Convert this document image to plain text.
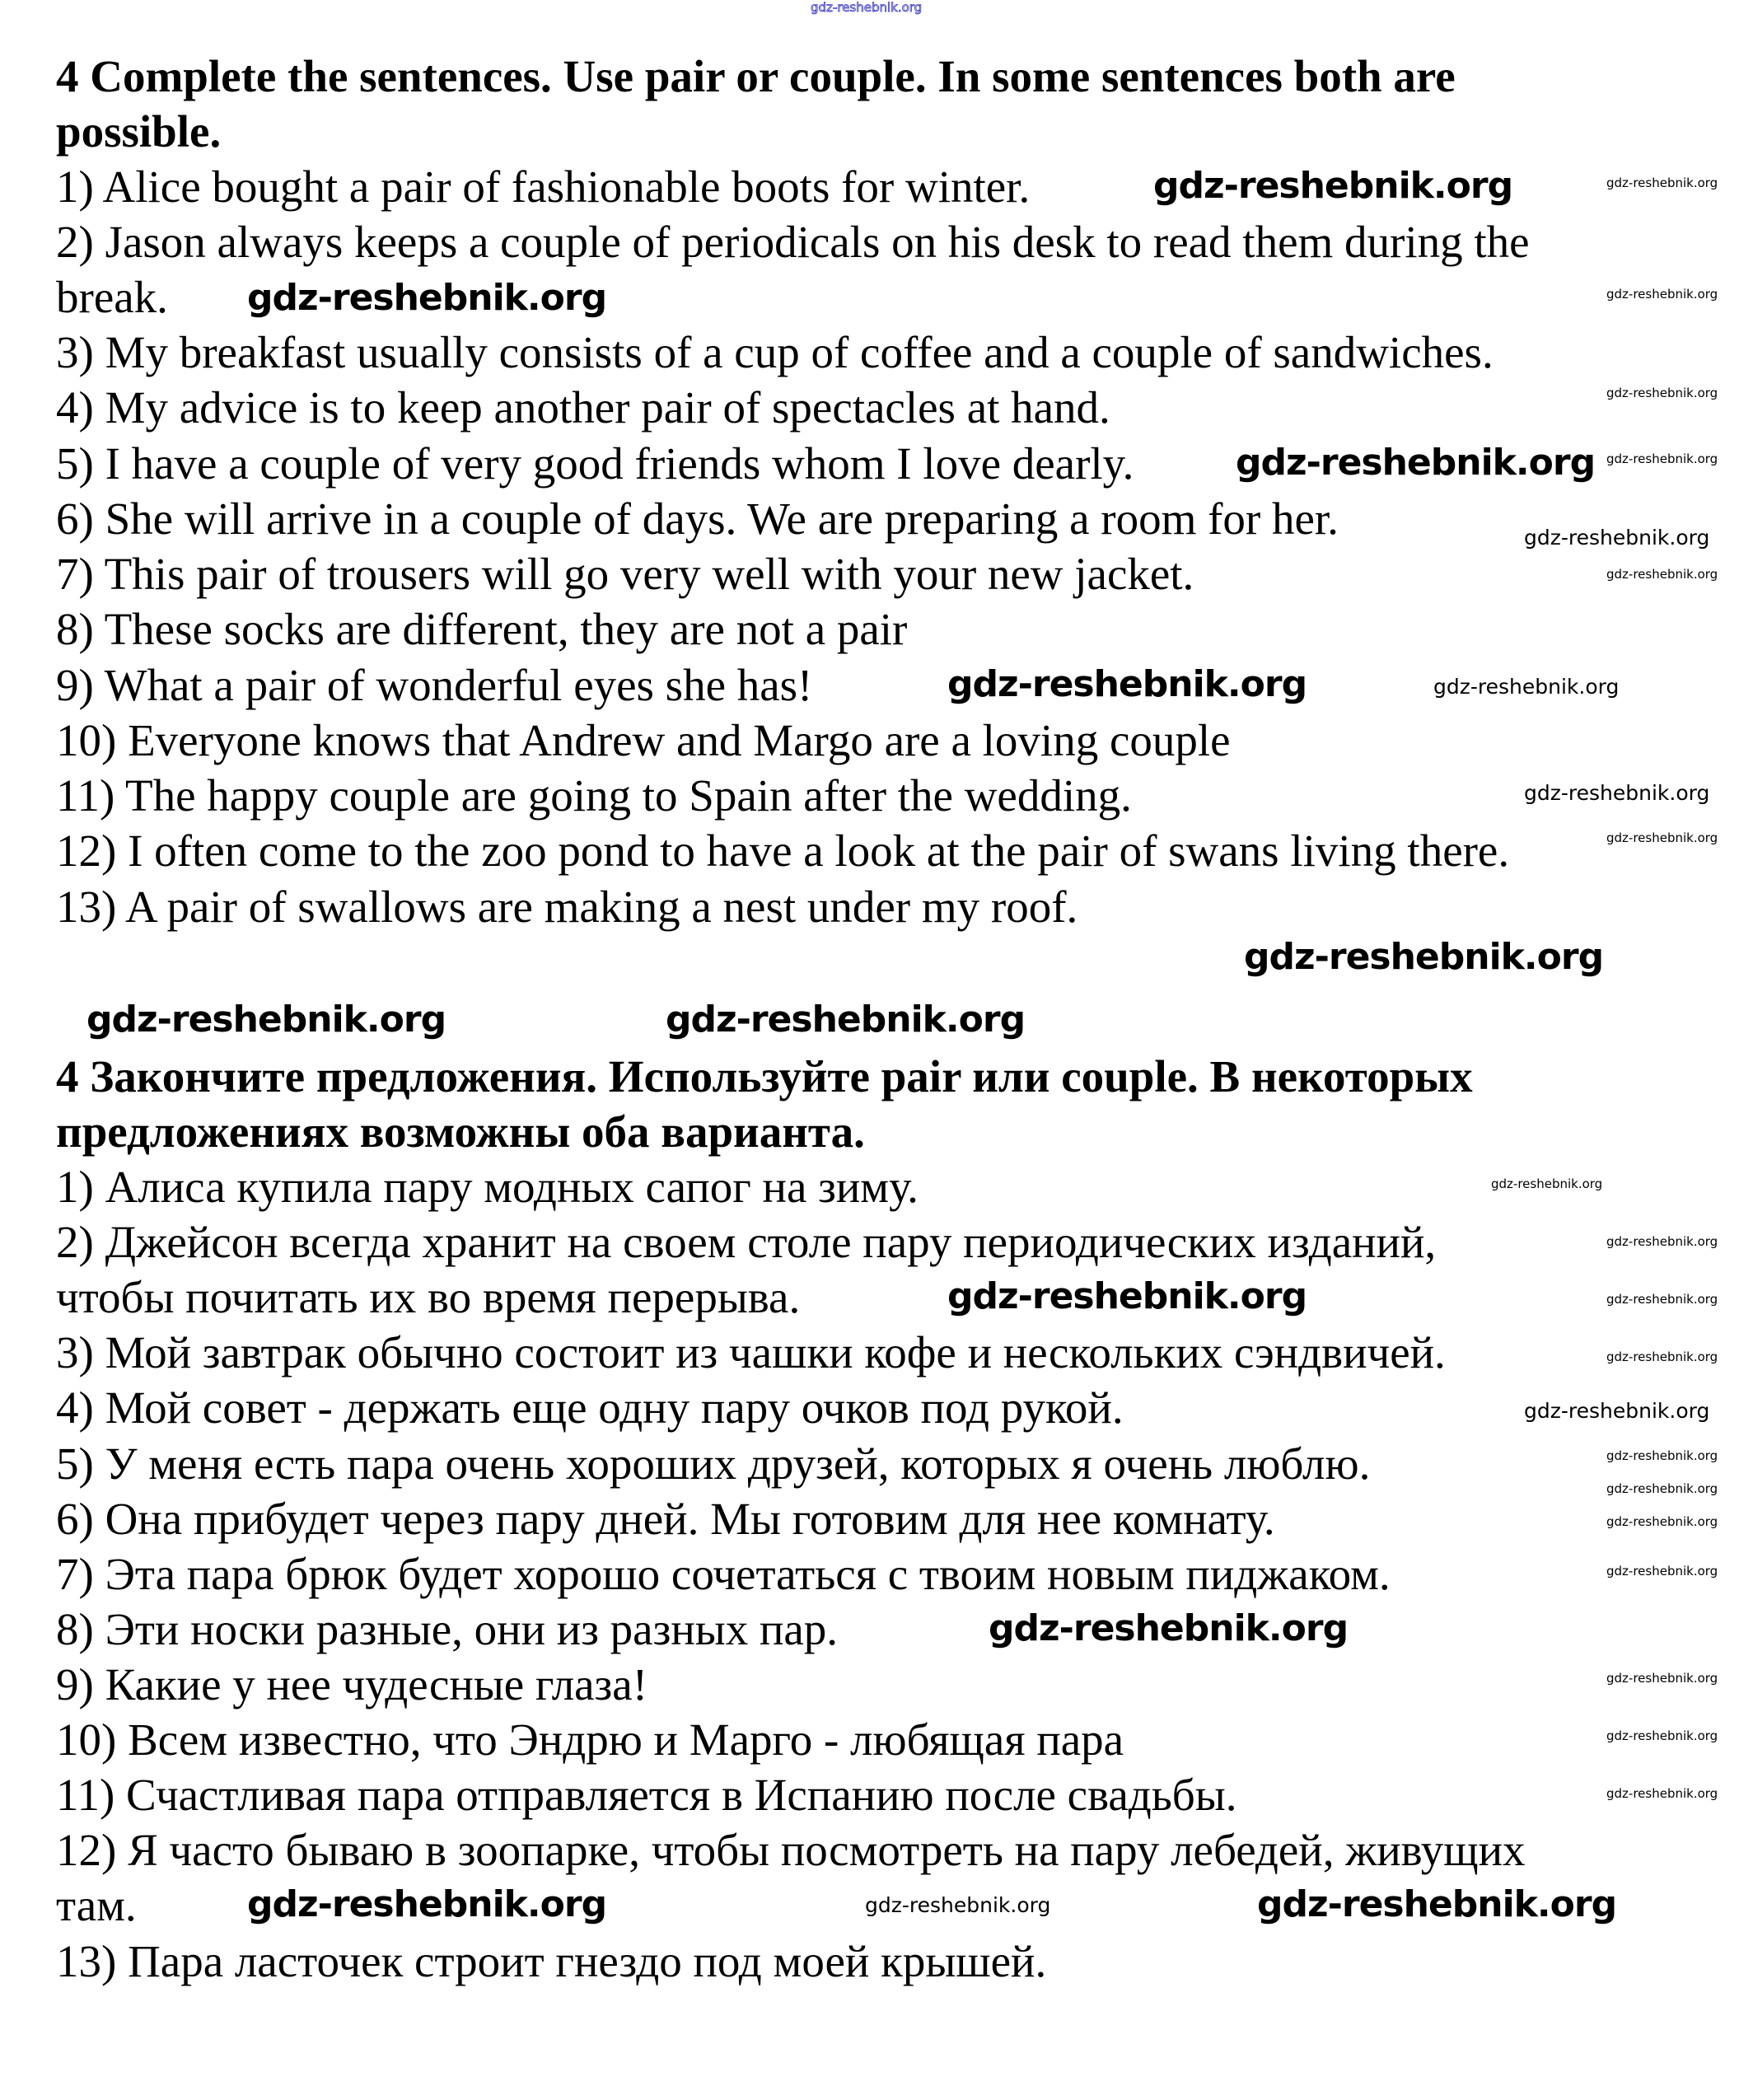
gdz-reshebnik.org
4 Complete the sentences. Use pair or couple. In some sentences both are
possible.
1) Alice bought a pair of fashionable boots for winter.
2) Jason always keeps a couple of periodicals on his desk to read them during the
break.
3) My breakfast usually consists of a cup of coffee and a couple of sandwiches.
4) My advice is to keep another pair of spectacles at hand.
5) I have a couple of very good friends whom I love dearly.
6) She will arrive in a couple of days. We are preparing a room for her.
7) This pair of trousers will go very well with your new jacket.
8) These socks are different, they are not a pair
9) What a pair of wonderful eyes she has!
10) Everyone knows that Andrew and Margo are a loving couple
11) The happy couple are going to Spain after the wedding.
12) I often come to the zoo pond to have a look at the pair of swans living there.
13) A pair of swallows are making a nest under my roof.
4 Закончите предложения. Используйте pair или couple. В некоторых
предложениях возможны оба варианта.
1) Алиса купила пару модных сапог на зиму.
2) Джейсон всегда хранит на своем столе пару периодических изданий,
чтобы почитать их во время перерыва.
3) Мой завтрак обычно состоит из чашки кофе и нескольких сэндвичей.
4) Мой совет - держать еще одну пару очков под рукой.
5) У меня есть пара очень хороших друзей, которых я очень люблю.
6) Она прибудет через пару дней. Мы готовим для нее комнату.
7) Эта пара брюк будет хорошо сочетаться с твоим новым пиджаком.
8) Эти носки разные, они из разных пар.
9) Какие у нее чудесные глаза!
10) Всем известно, что Эндрю и Марго - любящая пара
11) Счастливая пара отправляется в Испанию после свадьбы.
12) Я часто бываю в зоопарке, чтобы посмотреть на пару лебедей, живущих
там.
13) Пара ласточек строит гнездо под моей крышей.
gdz-reshebnik.org
gdz-reshebnik.org
gdz-reshebnik.org
gdz-reshebnik.org
gdz-reshebnik.org
gdz-reshebnik.org	gdz-reshebnik.org
gdz-reshebnik.org
gdz-reshebnik.org
gdz-reshebnik.org	gdz-reshebnik.org
gdz-reshebnik.org
gdz-reshebnik.org
gdz-reshebnik.org
gdz-reshebnik.org
gdz-reshebnik.org
gdz-reshebnik.org
gdz-reshebnik.org
gdz-reshebnik.org
gdz-reshebnik.org
gdz-reshebnik.org
gdz-reshebnik.org
gdz-reshebnik.org
gdz-reshebnik.org
gdz-reshebnik.org
gdz-reshebnik.org
gdz-reshebnik.org
gdz-reshebnik.org
gdz-reshebnik.org
gdz-reshebnik.org
gdz-reshebnik.org
gdz-reshebnik.org
gdz-reshebnik.org
